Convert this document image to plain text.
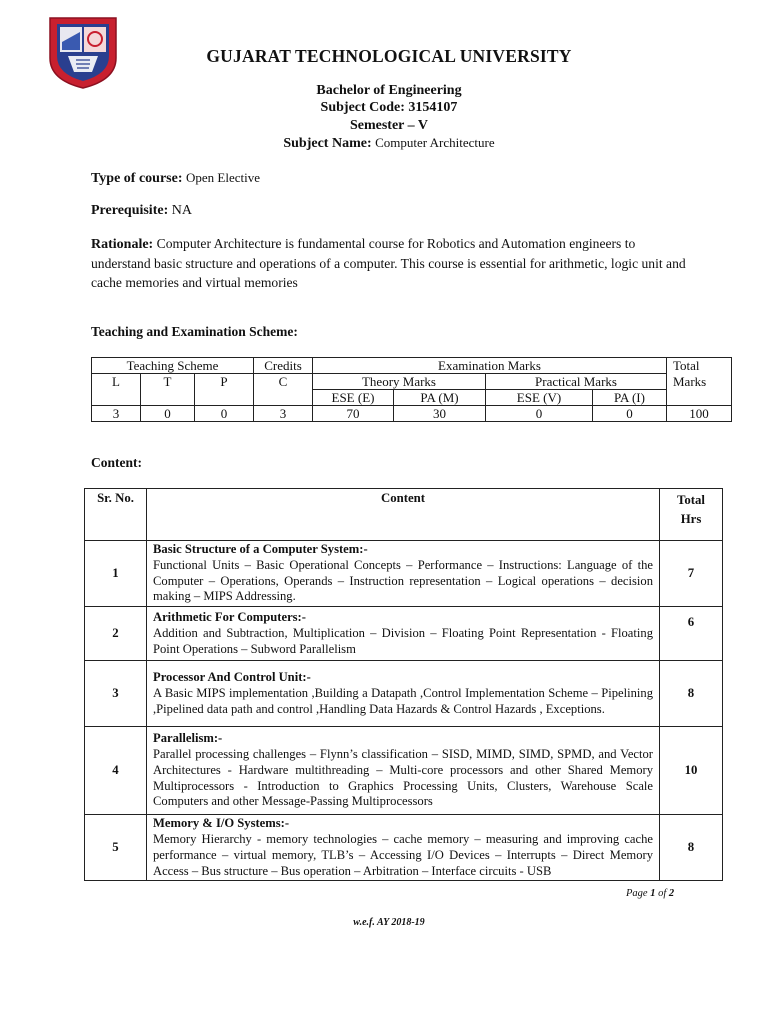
GUJARAT TECHNOLOGICAL UNIVERSITY
Bachelor of Engineering
Subject Code: 3154107
Semester – V
Subject Name: Computer Architecture
Type of course: Open Elective
Prerequisite: NA
Rationale: Computer Architecture is fundamental course for Robotics and Automation engineers to understand basic structure and operations of a computer. This course is essential for arithmetic, logic unit and cache memories and virtual memories
Teaching and Examination Scheme:
Teaching Scheme			Credits	Examination Marks				Total
Marks
L	T	P	C	Theory Marks		Practical Marks		
				ESE (E)	PA (M)	ESE (V)	PA (I)	
3	0	0	3	70	30	0	0	100
Content:
Sr. No.	Content	Total
Hrs
1	Basic Structure of a Computer System:-
Functional Units – Basic Operational Concepts – Performance – Instructions: Language of the Computer – Operations, Operands – Instruction representation – Logical operations – decision making – MIPS Addressing.	7
2	Arithmetic For Computers:-
Addition and Subtraction, Multiplication – Division – Floating Point Representation - Floating Point Operations – Subword Parallelism	6
3	Processor And Control Unit:-
A Basic MIPS implementation ,Building a Datapath ,Control Implementation Scheme – Pipelining ,Pipelined data path and control ,Handling Data Hazards & Control Hazards , Exceptions.	8
4	Parallelism:-
Parallel processing challenges – Flynn’s classification – SISD, MIMD, SIMD, SPMD, and Vector Architectures - Hardware multithreading – Multi-core processors and other Shared Memory Multiprocessors - Introduction to Graphics Processing Units, Clusters, Warehouse Scale Computers and other Message-Passing Multiprocessors	10
5	Memory & I/O Systems:-
Memory Hierarchy - memory technologies – cache memory – measuring and improving cache performance – virtual memory, TLB’s – Accessing I/O Devices – Interrupts – Direct Memory Access – Bus structure – Bus operation – Arbitration – Interface circuits - USB	8
Page 1 of 2
w.e.f. AY 2018-19
